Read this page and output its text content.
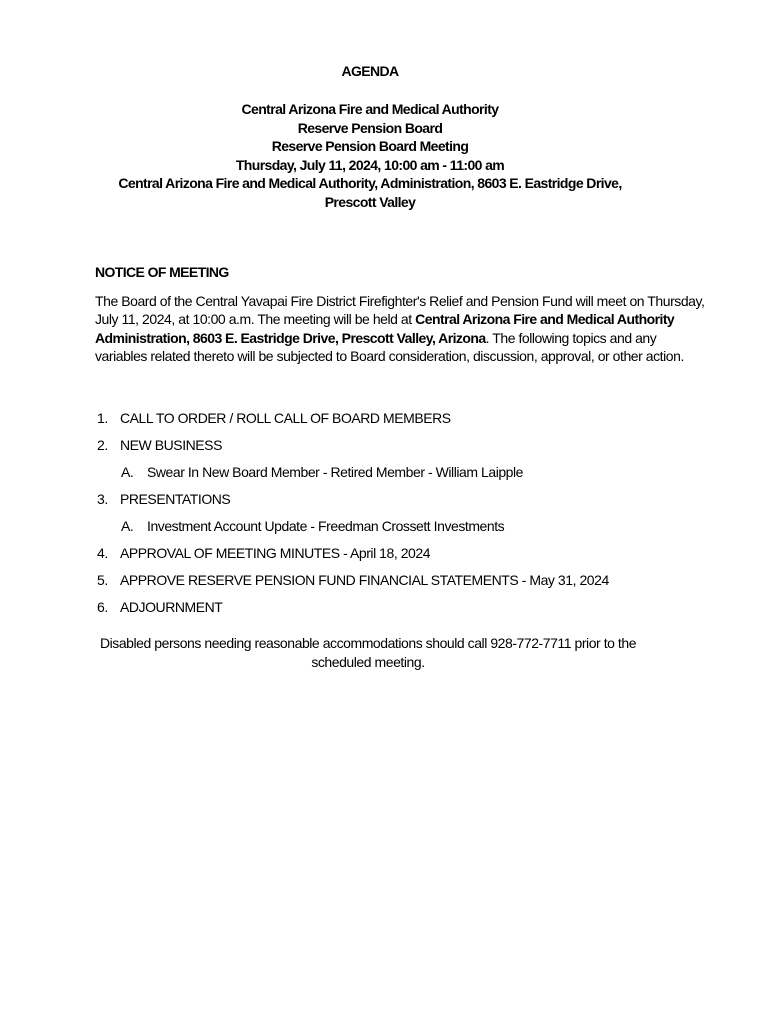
AGENDA
Central Arizona Fire and Medical Authority
Reserve Pension Board
Reserve Pension Board Meeting
Thursday, July 11, 2024, 10:00 am - 11:00 am
Central Arizona Fire and Medical Authority, Administration, 8603 E. Eastridge Drive,
Prescott Valley
NOTICE OF MEETING
The Board of the Central Yavapai Fire District Firefighter's Relief and Pension Fund will meet on Thursday, July 11, 2024, at 10:00 a.m. The meeting will be held at Central Arizona Fire and Medical Authority Administration, 8603 E. Eastridge Drive, Prescott Valley, Arizona. The following topics and any variables related thereto will be subjected to Board consideration, discussion, approval, or other action.
1. CALL TO ORDER / ROLL CALL OF BOARD MEMBERS
2. NEW BUSINESS
A. Swear In New Board Member - Retired Member - William Laipple
3. PRESENTATIONS
A. Investment Account Update - Freedman Crossett Investments
4. APPROVAL OF MEETING MINUTES - April 18, 2024
5. APPROVE RESERVE PENSION FUND FINANCIAL STATEMENTS - May 31, 2024
6. ADJOURNMENT
Disabled persons needing reasonable accommodations should call 928-772-7711 prior to the
scheduled meeting.
